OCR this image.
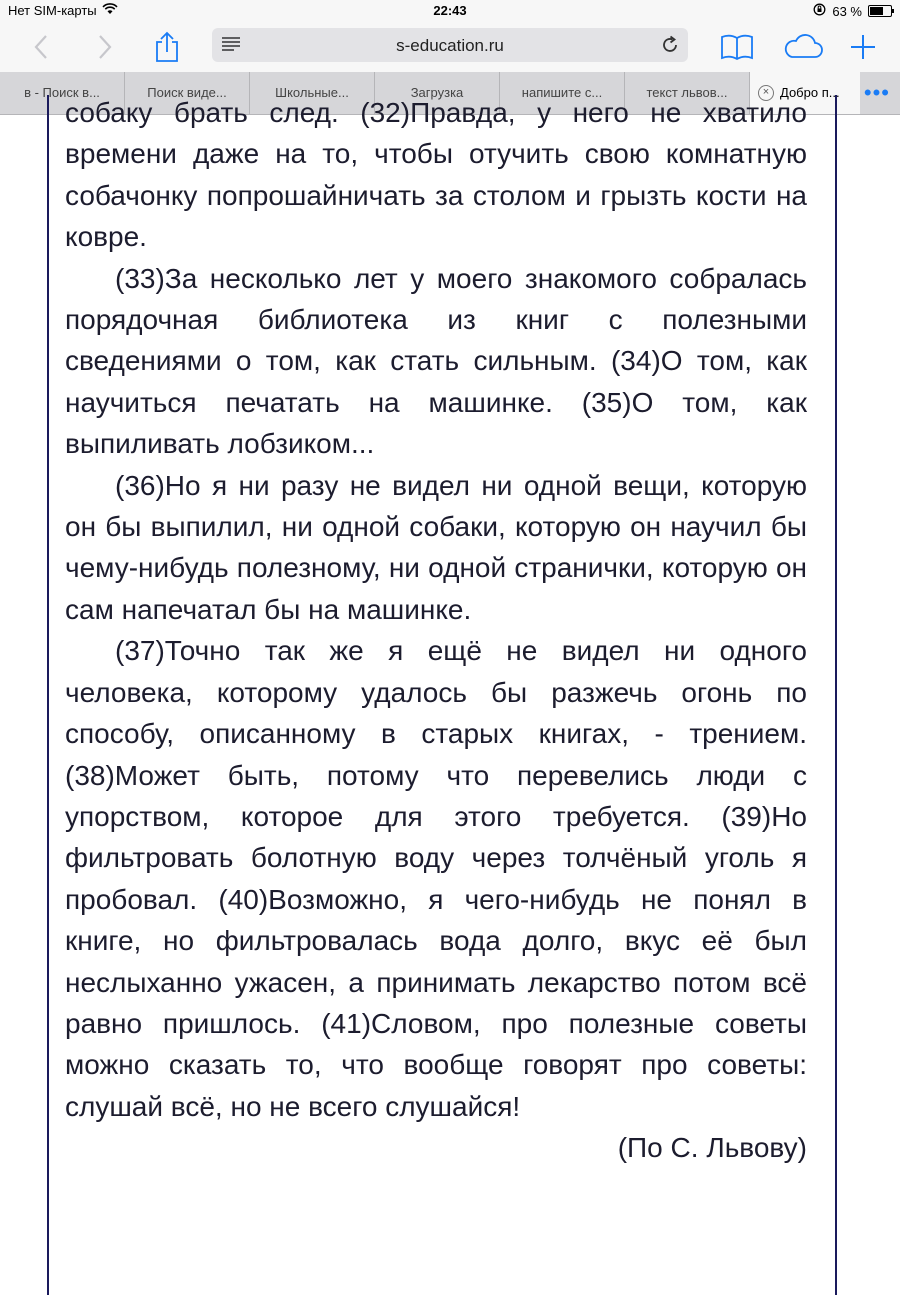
Нет SIM-карты	22:43	63 %
s-education.ru
в - Поиск в...	Поиск виде...	Школьные...	Загрузка	напишите с...	текст львов...	× Добро п...	•••

собаку брать след. (32)Правда, у него не хватило

времени даже на то, чтобы отучить свою комнатную собачонку попрошайничать за столом и грызть кости на ковре.

(33)За несколько лет у моего знакомого собралась порядочная библиотека из книг с полезными сведениями о том, как стать сильным. (34)О том, как научиться печатать на машинке. (35)О том, как выпиливать лобзиком...

(36)Но я ни разу не видел ни одной вещи, которую он бы выпилил, ни одной собаки, которую он научил бы чему-нибудь полезному, ни одной странички, которую он сам напечатал бы на машинке.

(37)Точно так же я ещё не видел ни одного человека, которому удалось бы разжечь огонь по способу, описанному в старых книгах, - трением. (38)Может быть, потому что перевелись люди с упорством, которое для этого требуется. (39)Но фильтровать болотную воду через толчёный уголь я пробовал. (40)Возможно, я чего-нибудь не понял в книге, но фильтровалась вода долго, вкус её был неслыханно ужасен, а принимать лекарство потом всё равно пришлось. (41)Словом, про полезные советы можно сказать то, что вообще говорят про советы: слушай всё, но не всего слушайся!

(По С. Львову)
